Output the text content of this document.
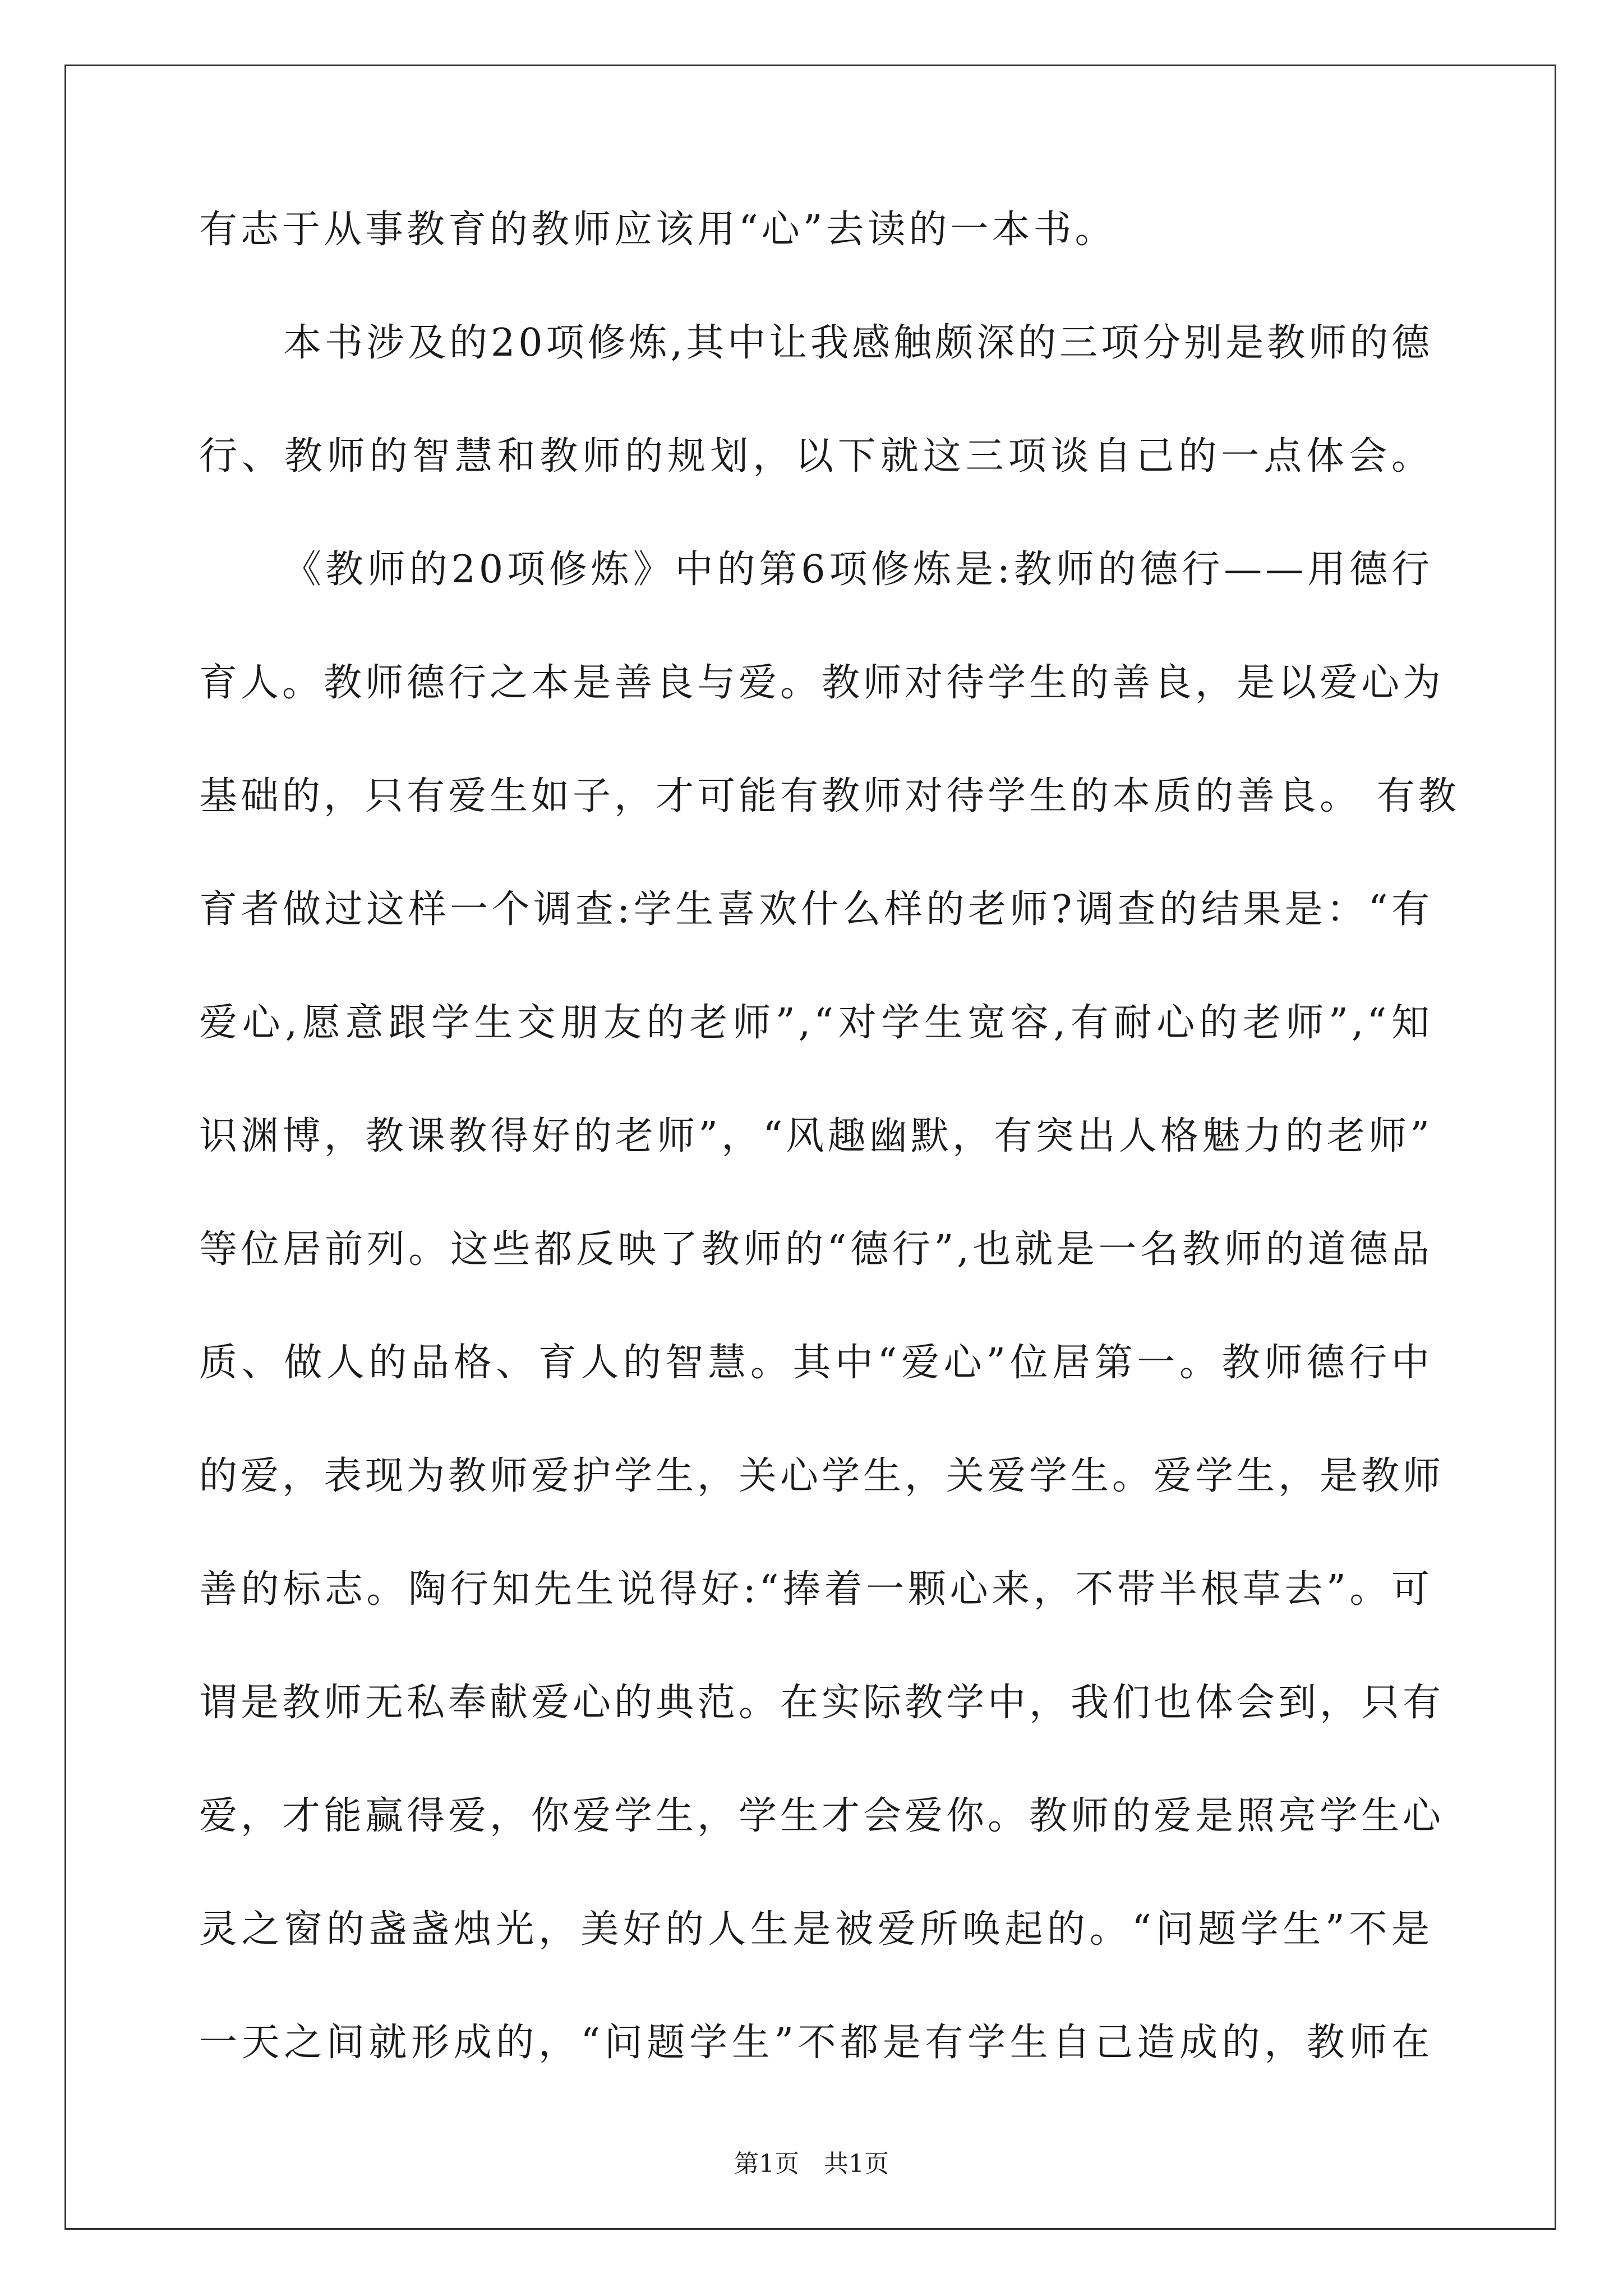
有志于从事教育的教师应该用“心”去读的一本书。
本书涉及的20项修炼,其中让我感触颇深的三项分别是教师的德
行、教师的智慧和教师的规划，以下就这三项谈自己的一点体会。
《教师的20项修炼》中的第6项修炼是:教师的德行——用德行
育人。教师德行之本是善良与爱。教师对待学生的善良，是以爱心为
基础的，只有爱生如子，才可能有教师对待学生的本质的善良。 有教
育者做过这样一个调查:学生喜欢什么样的老师?调查的结果是：“有
爱心,愿意跟学生交朋友的老师”,“对学生宽容,有耐心的老师”,“知
识渊博，教课教得好的老师”，“风趣幽默，有突出人格魅力的老师”
等位居前列。这些都反映了教师的“德行”,也就是一名教师的道德品
质、做人的品格、育人的智慧。其中“爱心”位居第一。教师德行中
的爱，表现为教师爱护学生，关心学生，关爱学生。爱学生，是教师
善的标志。陶行知先生说得好:“捧着一颗心来，不带半根草去”。可
谓是教师无私奉献爱心的典范。在实际教学中，我们也体会到，只有
爱，才能赢得爱，你爱学生，学生才会爱你。教师的爱是照亮学生心
灵之窗的盏盏烛光，美好的人生是被爱所唤起的。“问题学生”不是
一天之间就形成的，“问题学生”不都是有学生自己造成的，教师在
第1页　共1页
